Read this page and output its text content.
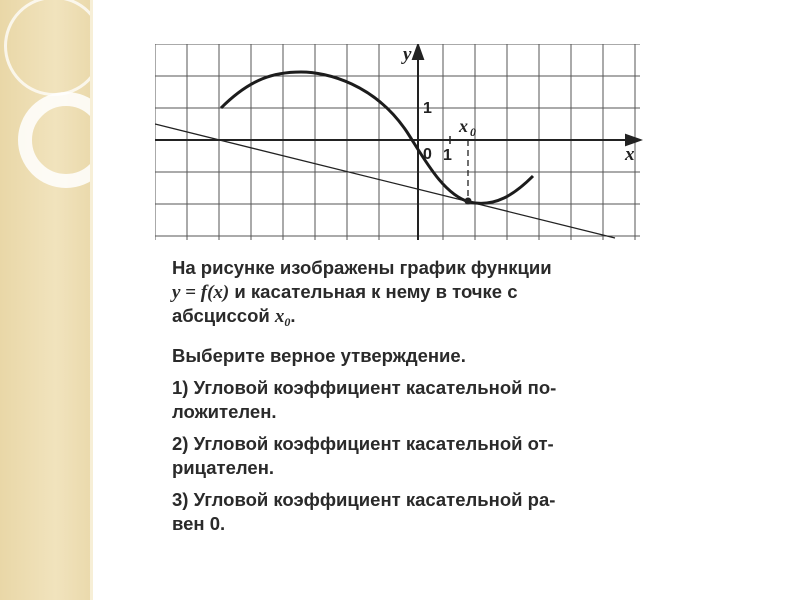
y
x
0 1
1
x 0

На рисунке изображены график функции
y = f(x) и касательная к нему в точке с
абсциссой $x_0$.

Выберите верное утверждение.

1) Угловой коэффициент касательной по-
ложителен.

2) Угловой коэффициент касательной от-
рицателен.

3) Угловой коэффициент касательной ра-
вен 0.
